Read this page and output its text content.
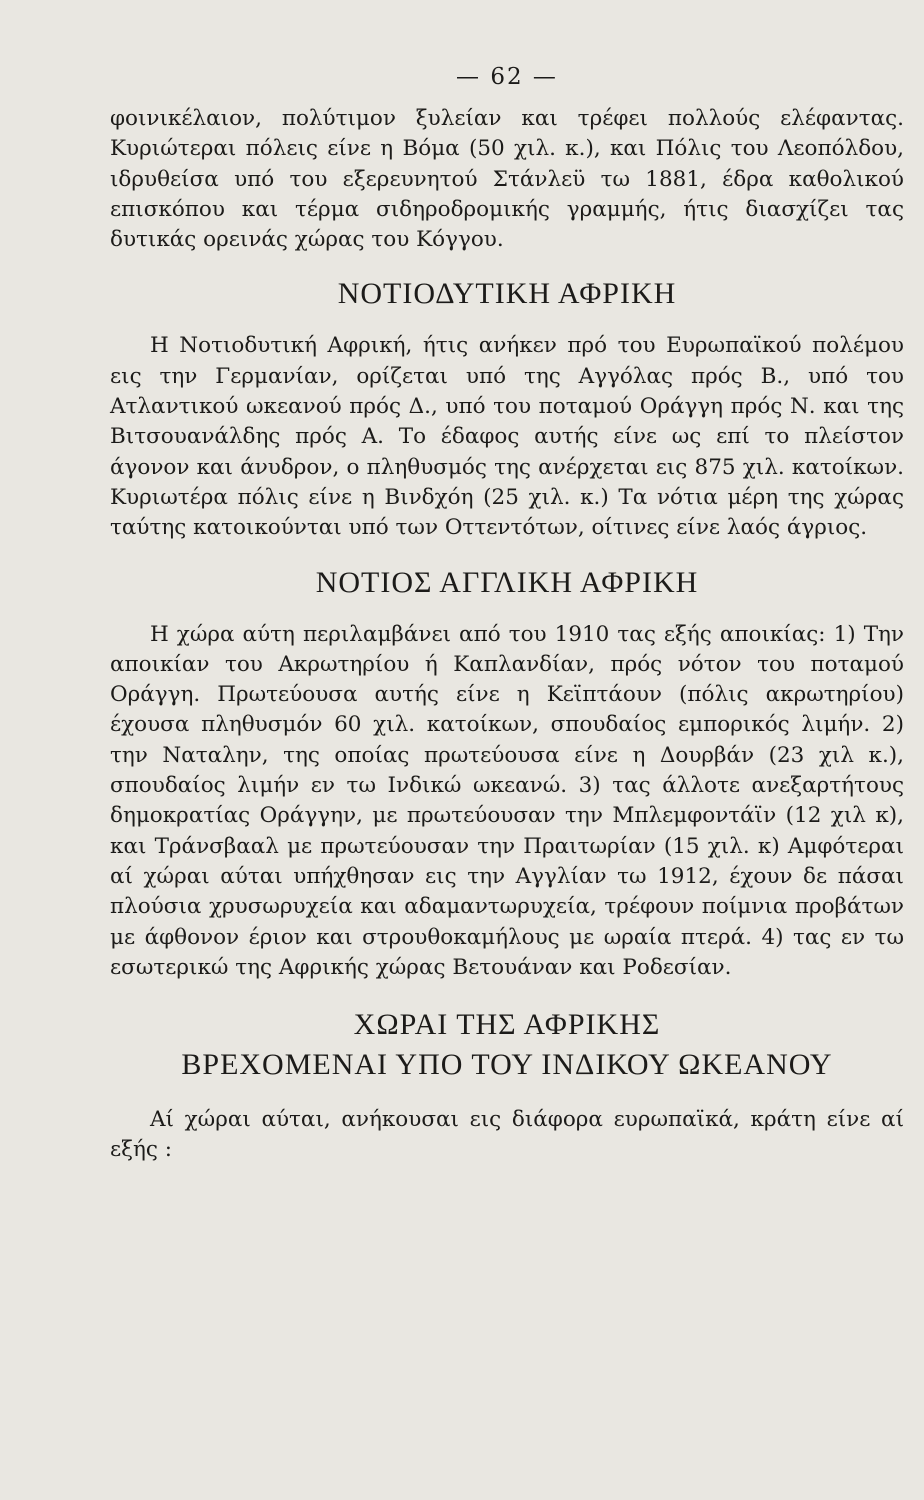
— 62 —

φοινικέλαιον, πολύτιμον ξυλείαν και τρέφει πολλούς ελέφαντας. Κυριώτεραι πόλεις είνε η Βόμα (50 χιλ. κ.), και Πόλις του Λεοπόλδου, ιδρυθείσα υπό του εξερευνητού Στάνλεϋ τω 1881, έδρα καθολικού επισκόπου και τέρμα σιδηροδρομικής γραμμής, ήτις διασχίζει τας δυτικάς ορεινάς χώρας του Κόγγου.

ΝΟΤΙΟΔΥΤΙΚΗ ΑΦΡΙΚΗ

Η Νοτιοδυτική Αφρική, ήτις ανήκεν πρό του Ευρωπαϊκού πολέμου εις την Γερμανίαν, ορίζεται υπό της Αγγόλας πρός Β., υπό του Ατλαντικού ωκεανού πρός Δ., υπό του ποταμού Οράγγη πρός Ν. και της Βιτσουανάλδης πρός Α. Το έδαφος αυτής είνε ως επί το πλείστον άγονον και άνυδρον, ο πληθυσμός της ανέρχεται εις 875 χιλ. κατοίκων. Κυριωτέρα πόλις είνε η Βινδχόη (25 χιλ. κ.) Τα νότια μέρη της χώρας ταύτης κατοικούνται υπό των Οττεντότων, οίτινες είνε λαός άγριος.

ΝΟΤΙΟΣ ΑΓΓΛΙΚΗ ΑΦΡΙΚΗ

Η χώρα αύτη περιλαμβάνει από του 1910 τας εξής αποικίας: 1) Την αποικίαν του Ακρωτηρίου ή Καπλανδίαν, πρός νότον του ποταμού Οράγγη. Πρωτεύουσα αυτής είνε η Κεϊπτάουν (πόλις ακρωτηρίου) έχουσα πληθυσμόν 60 χιλ. κατοίκων, σπουδαίος εμπορικός λιμήν. 2) την Ναταλην, της οποίας πρωτεύουσα είνε η Δουρβάν (23 χιλ κ.), σπουδαίος λιμήν εν τω Ινδικώ ωκεανώ. 3) τας άλλοτε ανεξαρτήτους δημοκρατίας Οράγγην, με πρωτεύουσαν την Μπλεμφοντάϊν (12 χιλ κ), και Τράνσβααλ με πρωτεύουσαν την Πραιτωρίαν (15 χιλ. κ) Αμφότεραι αί χώραι αύται υπήχθησαν εις την Αγγλίαν τω 1912, έχουν δε πάσαι πλούσια χρυσωρυχεία και αδαμαντωρυχεία, τρέφουν ποίμνια προβάτων με άφθονον έριον και στρουθοκαμήλους με ωραία πτερά. 4) τας εν τω εσωτερικώ της Αφρικής χώρας Βετουάναν και Ροδεσίαν.

ΧΩΡΑΙ ΤΗΣ ΑΦΡΙΚΗΣ
ΒΡΕΧΟΜΕΝΑΙ ΥΠΟ ΤΟΥ ΙΝΔΙΚΟΥ ΩΚΕΑΝΟΥ

Αί χώραι αύται, ανήκουσαι εις διάφορα ευρωπαϊκά, κράτη είνε αί εξής :
